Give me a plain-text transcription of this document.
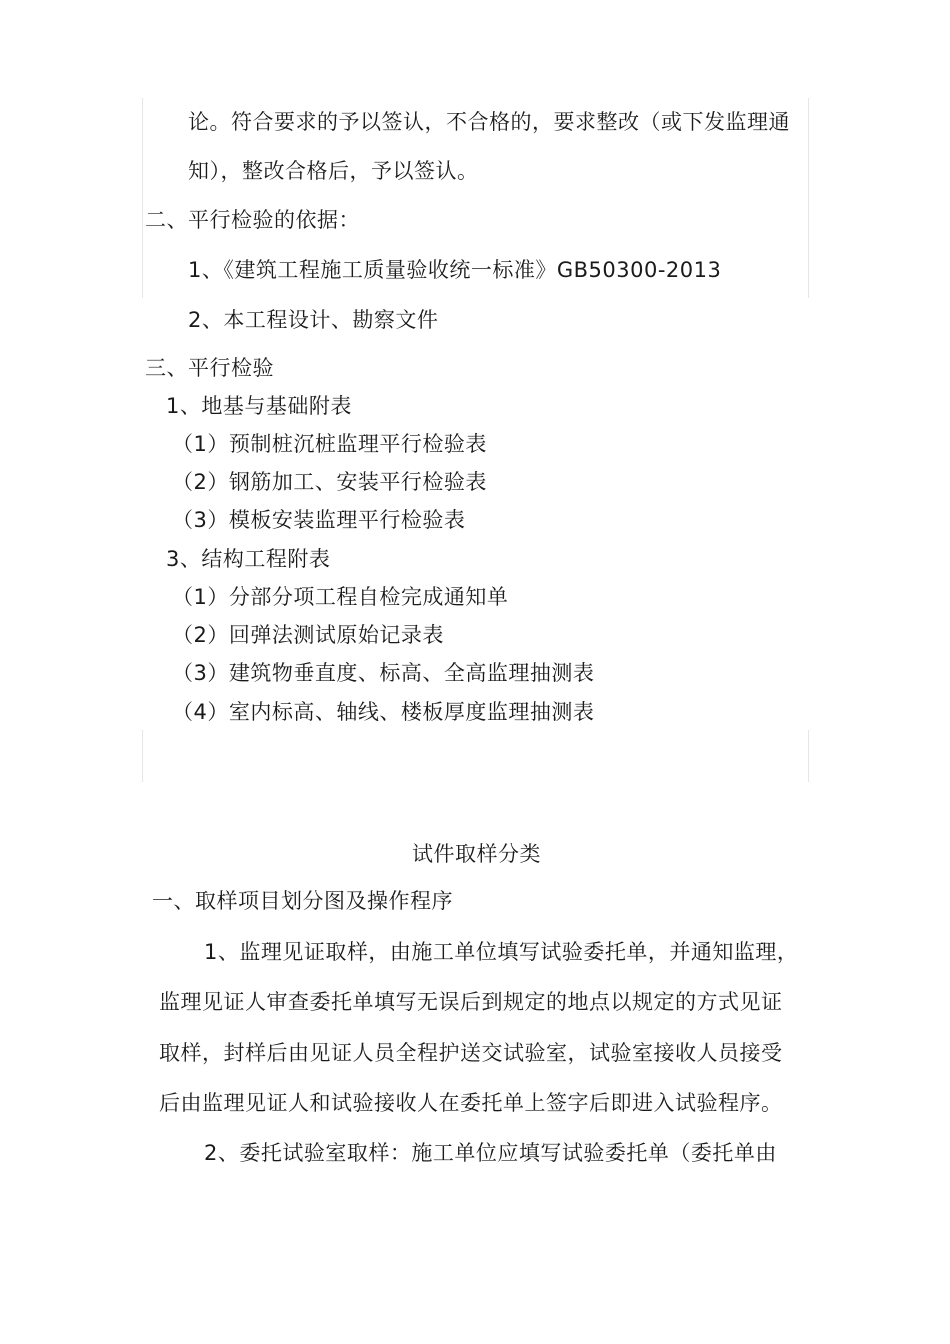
论。符合要求的予以签认，不合格的，要求整改（或下发监理通
知），整改合格后，予以签认。
二、平行检验的依据：
1、《建筑工程施工质量验收统一标准》GB50300-2013
2、本工程设计、勘察文件
三、平行检验
1、地基与基础附表
（1）预制桩沉桩监理平行检验表
（2）钢筋加工、安装平行检验表
（3）模板安装监理平行检验表
3、结构工程附表
（1）分部分项工程自检完成通知单
（2）回弹法测试原始记录表
（3）建筑物垂直度、标高、全高监理抽测表
（4）室内标高、轴线、楼板厚度监理抽测表
试件取样分类
一、取样项目划分图及操作程序
1、监理见证取样，由施工单位填写试验委托单，并通知监理，
监理见证人审查委托单填写无误后到规定的地点以规定的方式见证
取样，封样后由见证人员全程护送交试验室，试验室接收人员接受
后由监理见证人和试验接收人在委托单上签字后即进入试验程序。
2、委托试验室取样：施工单位应填写试验委托单（委托单由
